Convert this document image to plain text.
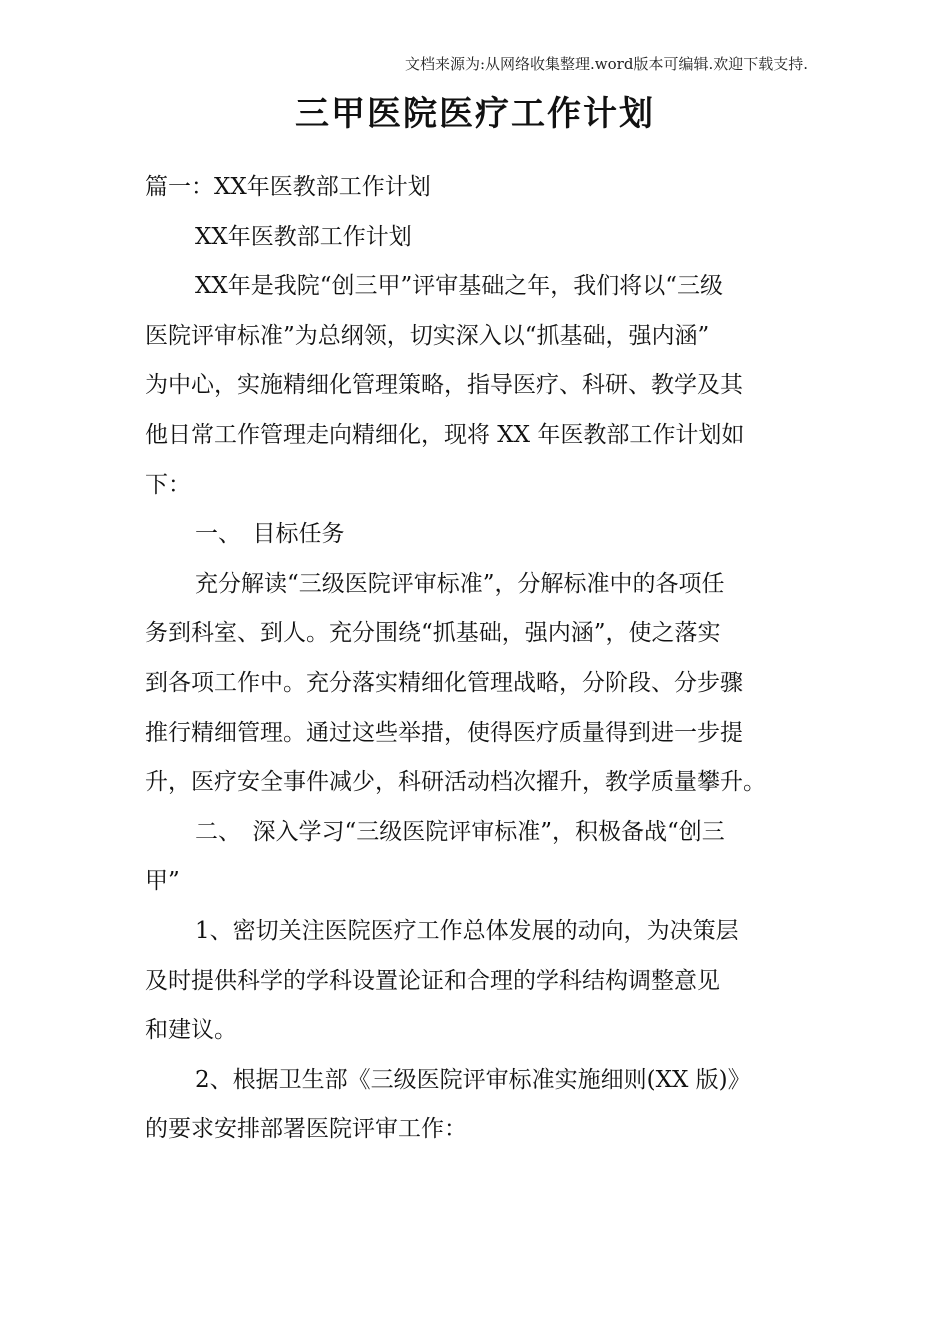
文档来源为:从网络收集整理.word版本可编辑.欢迎下载支持.
三甲医院医疗工作计划
篇一：XX年医教部工作计划
XX年医教部工作计划
XX年是我院“创三甲”评审基础之年，我们将以“三级
医院评审标准”为总纲领，切实深入以“抓基础，强内涵”
为中心，实施精细化管理策略，指导医疗、科研、教学及其
他日常工作管理走向精细化，现将 XX 年医教部工作计划如
下：
一、　目标任务
充分解读“三级医院评审标准”，分解标准中的各项任
务到科室、到人。充分围绕“抓基础，强内涵”，使之落实
到各项工作中。充分落实精细化管理战略，分阶段、分步骤
推行精细管理。通过这些举措，使得医疗质量得到进一步提
升，医疗安全事件减少，科研活动档次擢升，教学质量攀升。
二、　深入学习“三级医院评审标准”，积极备战“创三
甲”
1、密切关注医院医疗工作总体发展的动向，为决策层
及时提供科学的学科设置论证和合理的学科结构调整意见
和建议。
2、根据卫生部《三级医院评审标准实施细则(XX 版)》
的要求安排部署医院评审工作：
